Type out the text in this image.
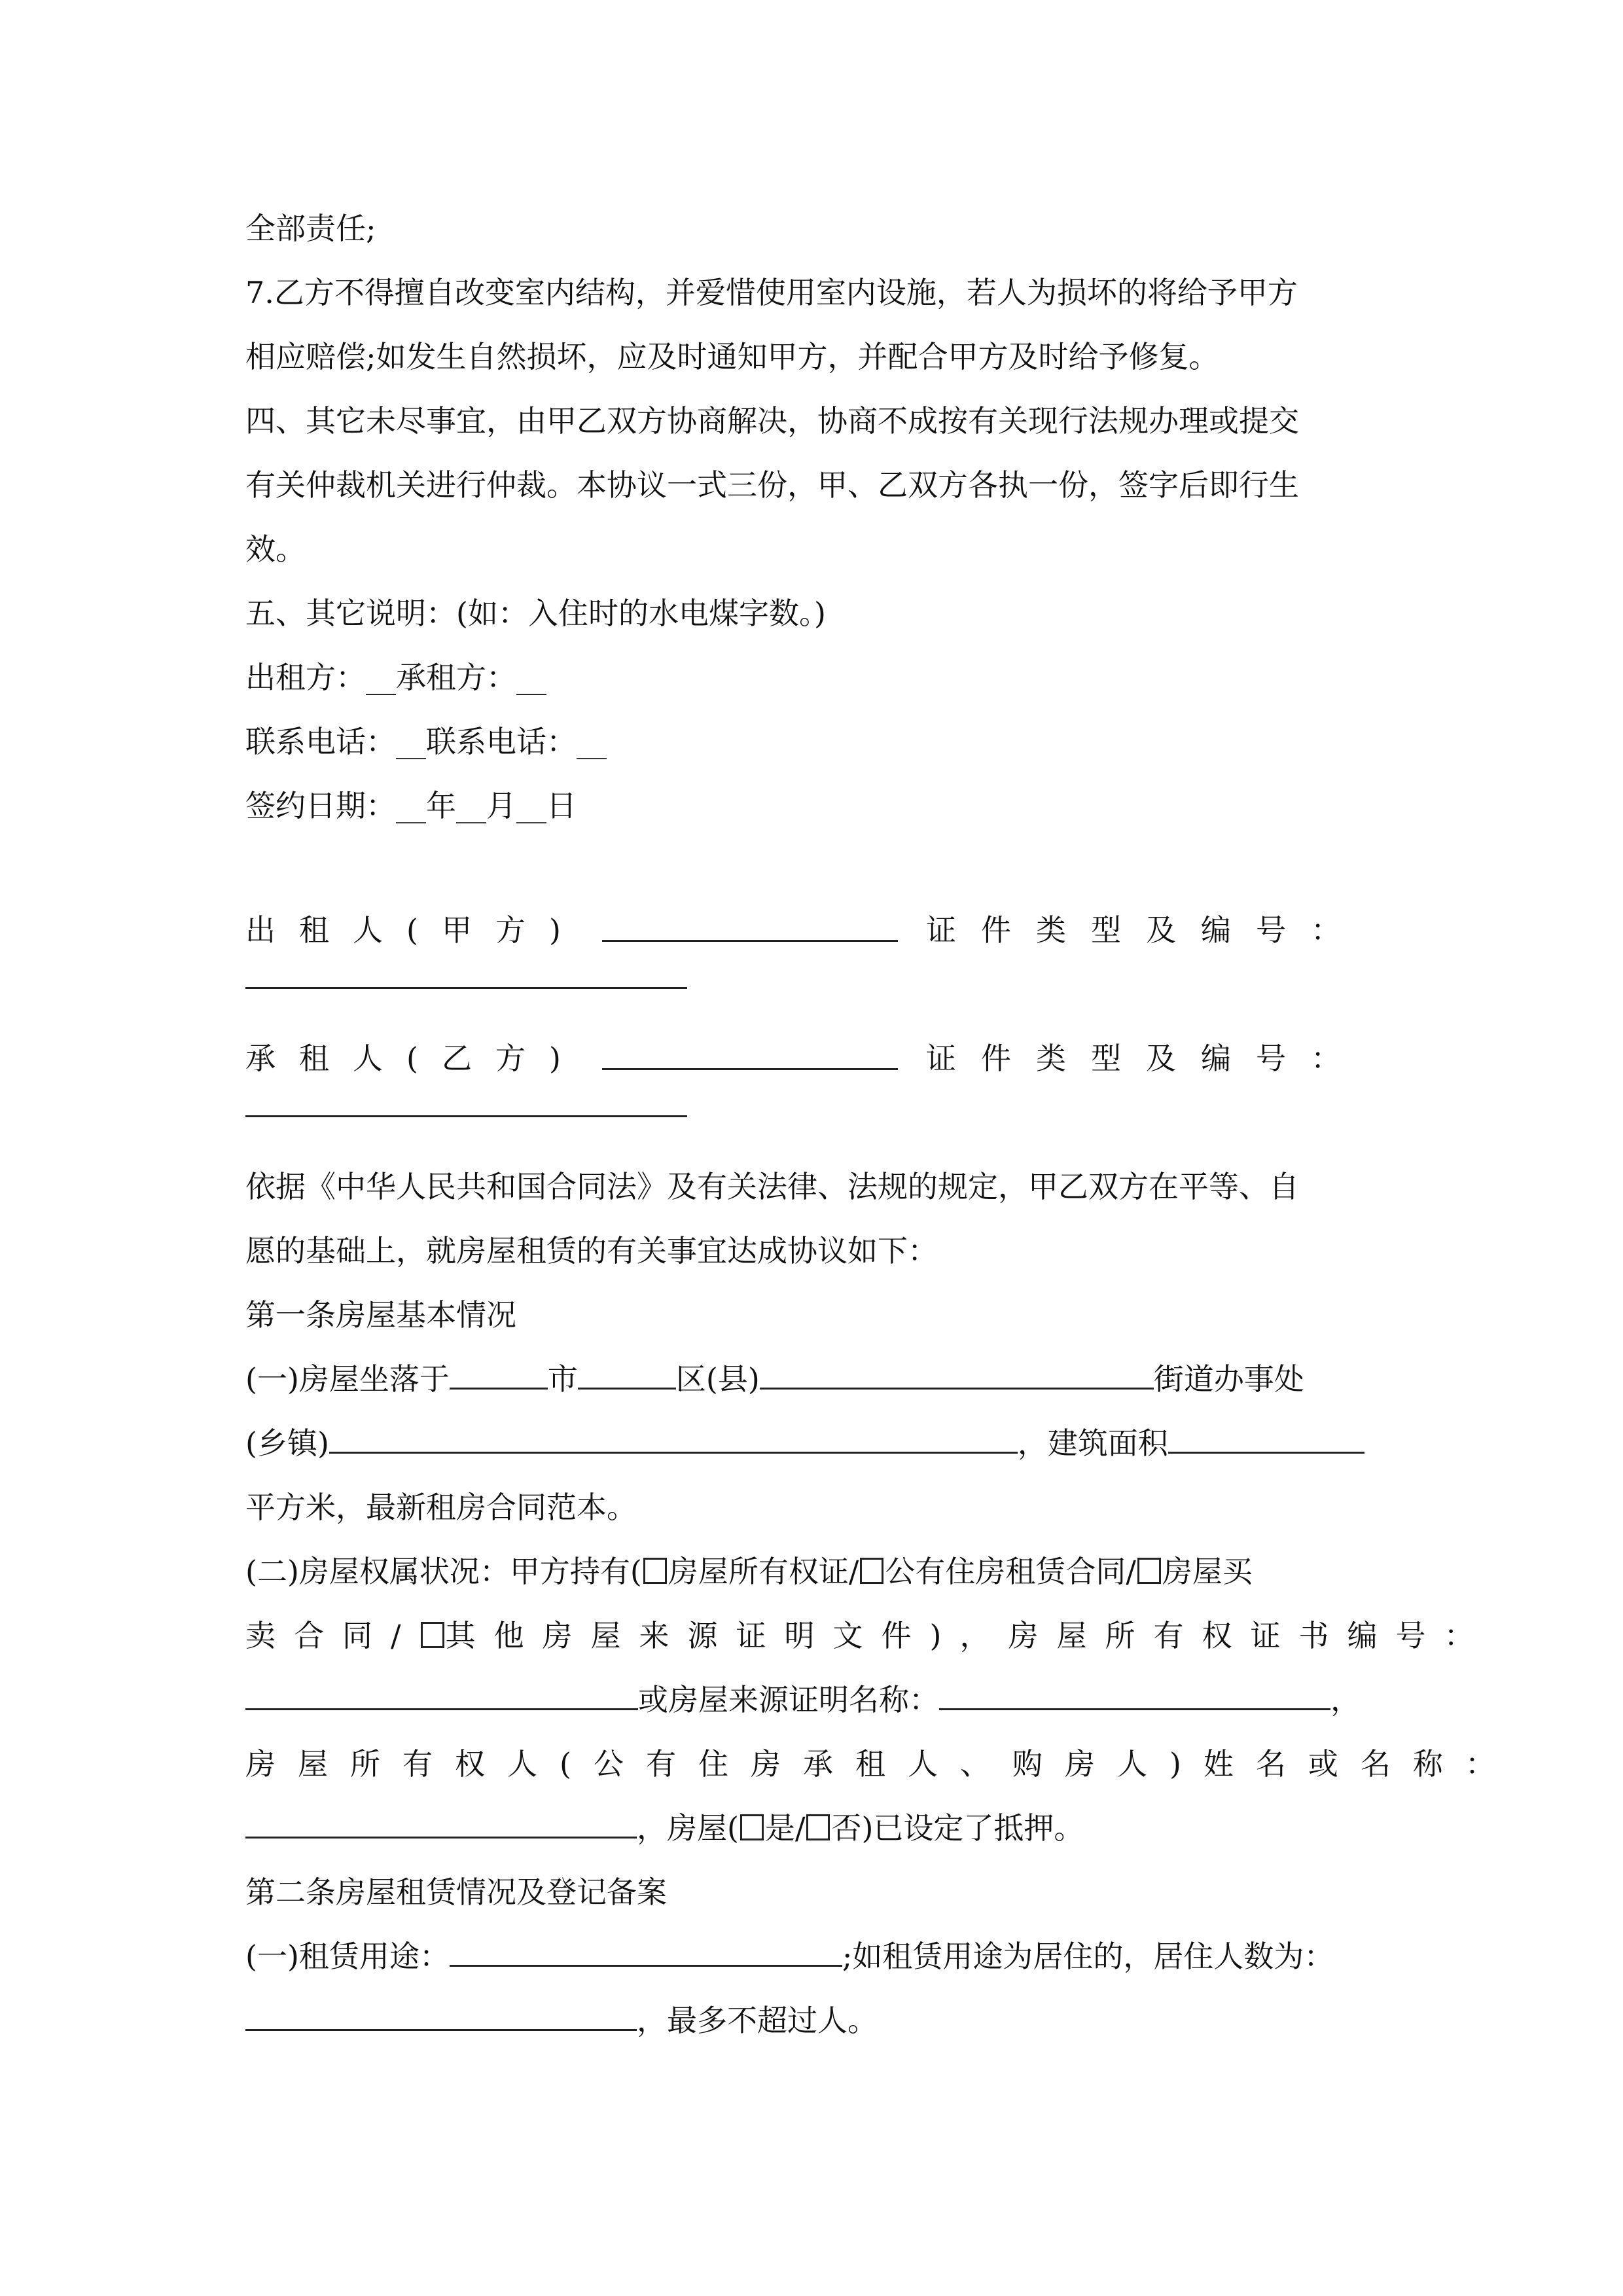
全部责任;
7.乙方不得擅自改变室内结构，并爱惜使用室内设施，若人为损坏的将给予甲方
相应赔偿;如发生自然损坏，应及时通知甲方，并配合甲方及时给予修复。
四、其它未尽事宜，由甲乙双方协商解决，协商不成按有关现行法规办理或提交
有关仲裁机关进行仲裁。本协议一式三份，甲、乙双方各执一份，签字后即行生
效。
五、其它说明：(如：入住时的水电煤字数。)
出租方：__承租方：__
联系电话：__联系电话：__
签约日期：__年__月__日
出租人(甲方)	证件类型及编号：
承租人(乙方)	证件类型及编号：
依据《中华人民共和国合同法》及有关法律、法规的规定，甲乙双方在平等、自
愿的基础上，就房屋租赁的有关事宜达成协议如下：
第一条房屋基本情况
(一)房屋坐落于	市	区(县)	街道办事处
(乡镇)	，建筑面积
平方米，最新租房合同范本。
(二)房屋权属状况：甲方持有( 房屋所有权证/ 公有住房租赁合同/ 房屋买
卖合同/ 其他房屋来源证明文件)，房屋所有权证书编号：
或房屋来源证明名称：	，
房屋所有权人(公有住房承租人、购房人)姓名或名称：
，房屋( 是/ 否)已设定了抵押。
第二条房屋租赁情况及登记备案
(一)租赁用途：	;如租赁用途为居住的，居住人数为：
，最多不超过人。
